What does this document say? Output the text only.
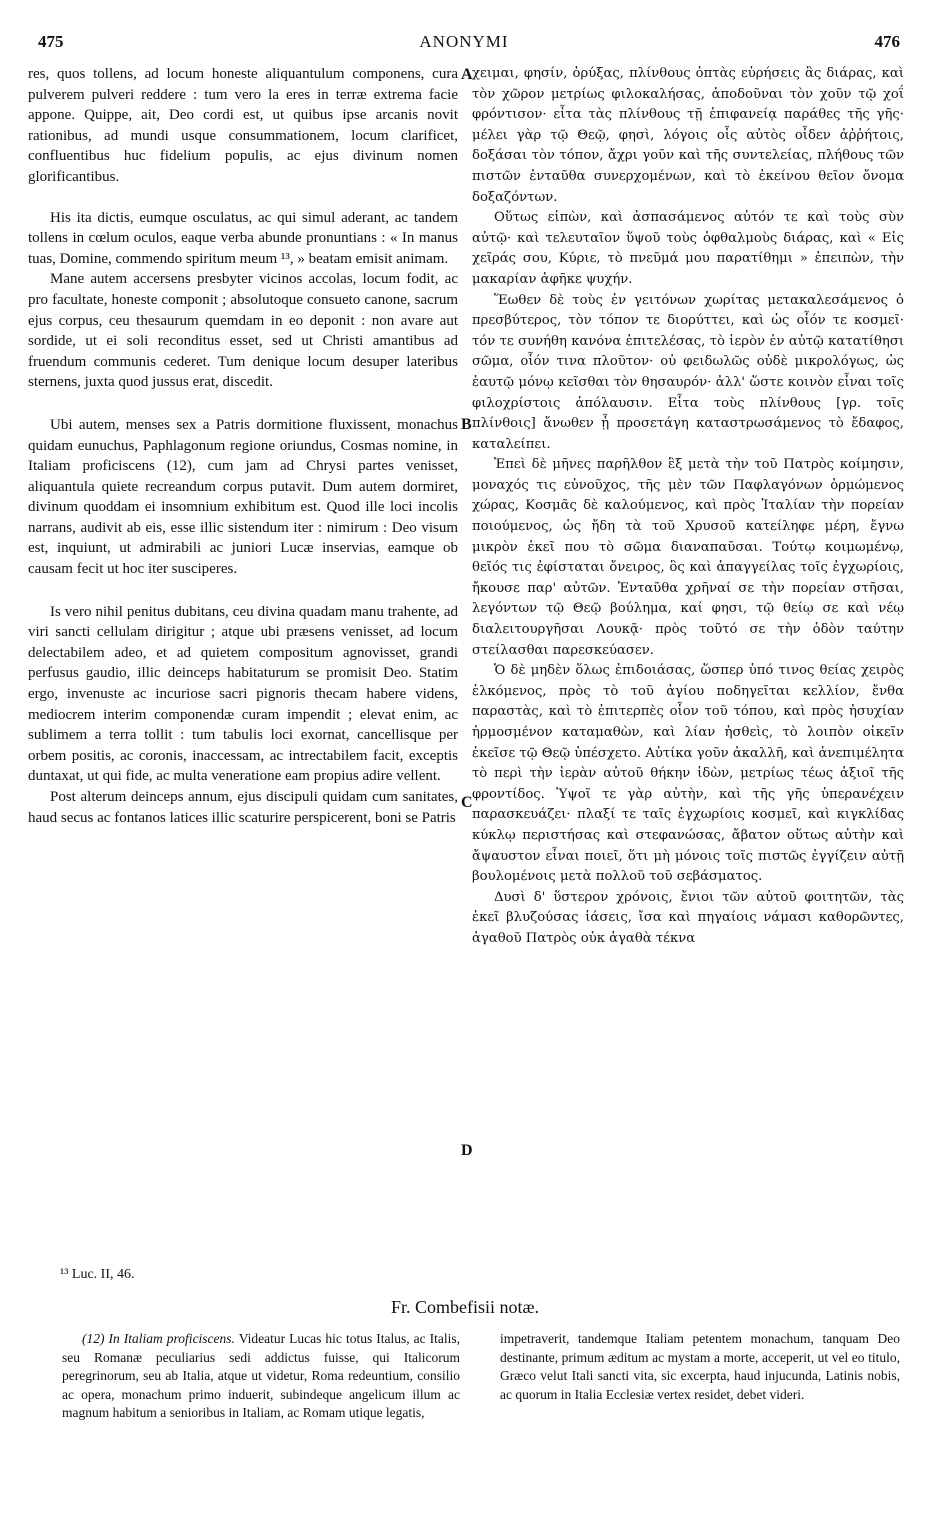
475	ANONYMI	476

res, quos tollens, ad locum honeste aliquantulum componens, cura pulverem pulveri reddere : tum vero la eres in terræ extrema facie appone. Quippe, ait, Deo cordi est, ut quibus ipse arcanis novit rationibus, ad mundi usque consummationem, locum clarificet, confluentibus huc fidelium populis, ac ejus divinum nomen glorificantibus.

His ita dictis, eumque osculatus, ac qui simul aderant, ac tandem tollens in cœlum oculos, eaque verba abunde pronuntians : « In manus tuas, Domine, commendo spiritum meum ¹³, » beatam emisit animam.

Mane autem accersens presbyter vicinos accolas, locum fodit, ac pro facultate, honeste componit ; absolutoque consueto canone, sacrum ejus corpus, ceu thesaurum quemdam in eo deponit : non avare aut sordide, ut ei soli reconditus esset, sed ut Christi amantibus ad fruendum communis cederet. Tum denique locum desuper lateribus sternens, juxta quod jussus erat, discedit.

Ubi autem, menses sex a Patris dormitione fluxissent, monachus quidam eunuchus, Paphlagonum regione oriundus, Cosmas nomine, in Italiam proficiscens (12), cum jam ad Chrysi partes venisset, aliquantula quiete recreandum corpus putavit. Dum autem dormiret, divinum quoddam ei insomnium exhibitum est. Quod ille loci incolis narrans, audivit ab eis, esse illic sistendum iter : nimirum : Deo visum est, inquiunt, ut admirabili ac juniori Lucæ inservias, eamque ob causam fecit ut hoc iter susciperes.

Is vero nihil penitus dubitans, ceu divina quadam manu trahente, ad viri sancti cellulam dirigitur ; atque ubi præsens venisset, ad locum delectabilem adeo, et ad quietem compositum agnovisset, grandi perfusus gaudio, illic deinceps habitaturum se promisit Deo. Statim ergo, invenuste ac incuriose sacri pignoris thecam habere videns, mediocrem interim componendæ curam impendit ; elevat enim, ac sublimem a terra tollit : tum tabulis loci exornat, cancellisque per orbem positis, ac coronis, inaccessam, ac intrectabilem facit, exceptis duntaxat, ut qui fide, ac multa veneratione eam propius adire vellent.

Post alterum deinceps annum, ejus discipuli quidam cum sanitates, haud secus ac fontanos latices illic scaturire perspicerent, boni se Patris

A
B
C
D

χειμαι, φησίν, ὀρύξας, πλίνθους ὀπτὰς εὑρήσεις ἃς διάρας, καὶ τὸν χῶρον μετρίως φιλοκαλήσας, ἀποδοῦναι τὸν χοῦν τῷ χοΐ φρόντισον· εἶτα τὰς πλίνθους τῇ ἐπιφανείᾳ παράθες τῆς γῆς· μέλει γὰρ τῷ Θεῷ, φησὶ, λόγοις οἷς αὐτὸς οἶδεν ἀῤῥήτοις, δοξάσαι τὸν τόπον, ἄχρι γοῦν καὶ τῆς συντελείας, πλήθους τῶν πιστῶν ἐνταῦθα συνερχομένων, καὶ τὸ ἐκείνου θεῖον ὄνομα δοξαζόντων.

Οὕτως εἰπὼν, καὶ ἀσπασάμενος αὐτόν τε καὶ τοὺς σὺν αὐτῷ· καὶ τελευταῖον ὕψοῦ τοὺς ὀφθαλμοὺς διάρας, καὶ « Εἰς χεῖράς σου, Κύριε, τὸ πνεῦμά μου παρατίθημι » ἐπειπὼν, τὴν μακαρίαν ἀφῆκε ψυχήν.

Ἕωθεν δὲ τοὺς ἐν γειτόνων χωρίτας μετακαλεσάμενος ὁ πρεσβύτερος, τὸν τόπον τε διορύττει, καὶ ὡς οἷόν τε κοσμεῖ· τόν τε συνήθη κανόνα ἐπιτελέσας, τὸ ἱερὸν ἐν αὐτῷ κατατίθησι σῶμα, οἷόν τινα πλοῦτον· οὐ φειδωλῶς οὐδὲ μικρολόγως, ὡς ἑαυτῷ μόνῳ κεῖσθαι τὸν θησαυρόν· ἀλλ' ὥστε κοινὸν εἶναι τοῖς φιλοχρίστοις ἀπόλαυσιν. Εἶτα τοὺς πλίνθους [γρ. τοῖς πλίνθοις] ἄνωθεν ᾗ προσετάγη καταστρωσάμενος τὸ ἔδαφος, καταλείπει.

Ἐπεὶ δὲ μῆνες παρῆλθον ἓξ μετὰ τὴν τοῦ Πατρὸς κοίμησιν, μοναχός τις εὐνοῦχος, τῆς μὲν τῶν Παφλαγόνων ὁρμώμενος χώρας, Κοσμᾶς δὲ καλούμενος, καὶ πρὸς Ἰταλίαν τὴν πορείαν ποιούμενος, ὡς ἤδη τὰ τοῦ Χρυσοῦ κατείληφε μέρη, ἔγνω μικρὸν ἐκεῖ που τὸ σῶμα διαναπαῦσαι. Τούτῳ κοιμωμένῳ, θεῖός τις ἐφίσταται ὄνειρος, ὃς καὶ ἀπαγγείλας τοῖς ἐγχωρίοις, ἤκουσε παρ' αὐτῶν. Ἐνταῦθα χρῆναί σε τὴν πορείαν στῆσαι, λεγόντων τῷ Θεῷ βούλημα, καί φησι, τῷ θείῳ σε καὶ νέῳ διαλειτουργῆσαι Λουκᾷ· πρὸς τοῦτό σε τὴν ὁδὸν ταύτην στείλασθαι παρεσκεύασεν.

Ὁ δὲ μηδὲν ὅλως ἐπιδοιάσας, ὥσπερ ὑπό τινος θείας χειρὸς ἑλκόμενος, πρὸς τὸ τοῦ ἁγίου ποδηγεῖται κελλίον, ἔνθα παραστὰς, καὶ τὸ ἐπιτερπὲς οἷον τοῦ τόπου, καὶ πρὸς ἡσυχίαν ἡρμοσμένον καταμαθὼν, καὶ λίαν ἡσθεὶς, τὸ λοιπὸν οἰκεῖν ἐκεῖσε τῷ Θεῷ ὑπέσχετο. Αὐτίκα γοῦν ἀκαλλῆ, καὶ ἀνεπιμέλητα τὸ περὶ τὴν ἱερὰν αὐτοῦ θήκην ἰδὼν, μετρίως τέως ἀξιοῖ τῆς φροντίδος. Ὑψοῖ τε γὰρ αὐτὴν, καὶ τῆς γῆς ὑπερανέχειν παρασκευάζει· πλαξί τε ταῖς ἐγχωρίοις κοσμεῖ, καὶ κιγκλίδας κύκλῳ περιστήσας καὶ στεφανώσας, ἄβατον οὕτως αὐτὴν καὶ ἄψαυστον εἶναι ποιεῖ, ὅτι μὴ μόνοις τοῖς πιστῶς ἐγγίζειν αὐτῇ βουλομένοις μετὰ πολλοῦ τοῦ σεβάσματος.

Δυσὶ δ' ὕστερον χρόνοις, ἔνιοι τῶν αὐτοῦ φοιτητῶν, τὰς ἐκεῖ βλυζούσας ἰάσεις, ἴσα καὶ πηγαίοις νάμασι καθορῶντες, ἀγαθοῦ Πατρὸς οὐκ ἀγαθὰ τέκνα

¹³ Luc. II, 46.
Fr. Combefisii notæ.

(12) In Italiam proficiscens. Videatur Lucas hic totus Italus, ac Italis, seu Romanæ peculiarius sedi addictus fuisse, qui Italicorum peregrinorum, seu ab Italia, atque ut videtur, Roma redeuntium, consilio ac opera, monachum primo induerit, subindeque angelicum illum ac magnum habitum a senioribus in Italiam, ac Romam utique legatis,

impetraverit, tandemque Italiam petentem monachum, tanquam Deo destinante, primum æditum ac mystam a morte, acceperit, ut vel eo titulo, Græco velut Itali sancti vita, sic excerpta, haud injucunda, Latinis nobis, ac quorum in Italia Ecclesiæ vertex residet, debet videri.
